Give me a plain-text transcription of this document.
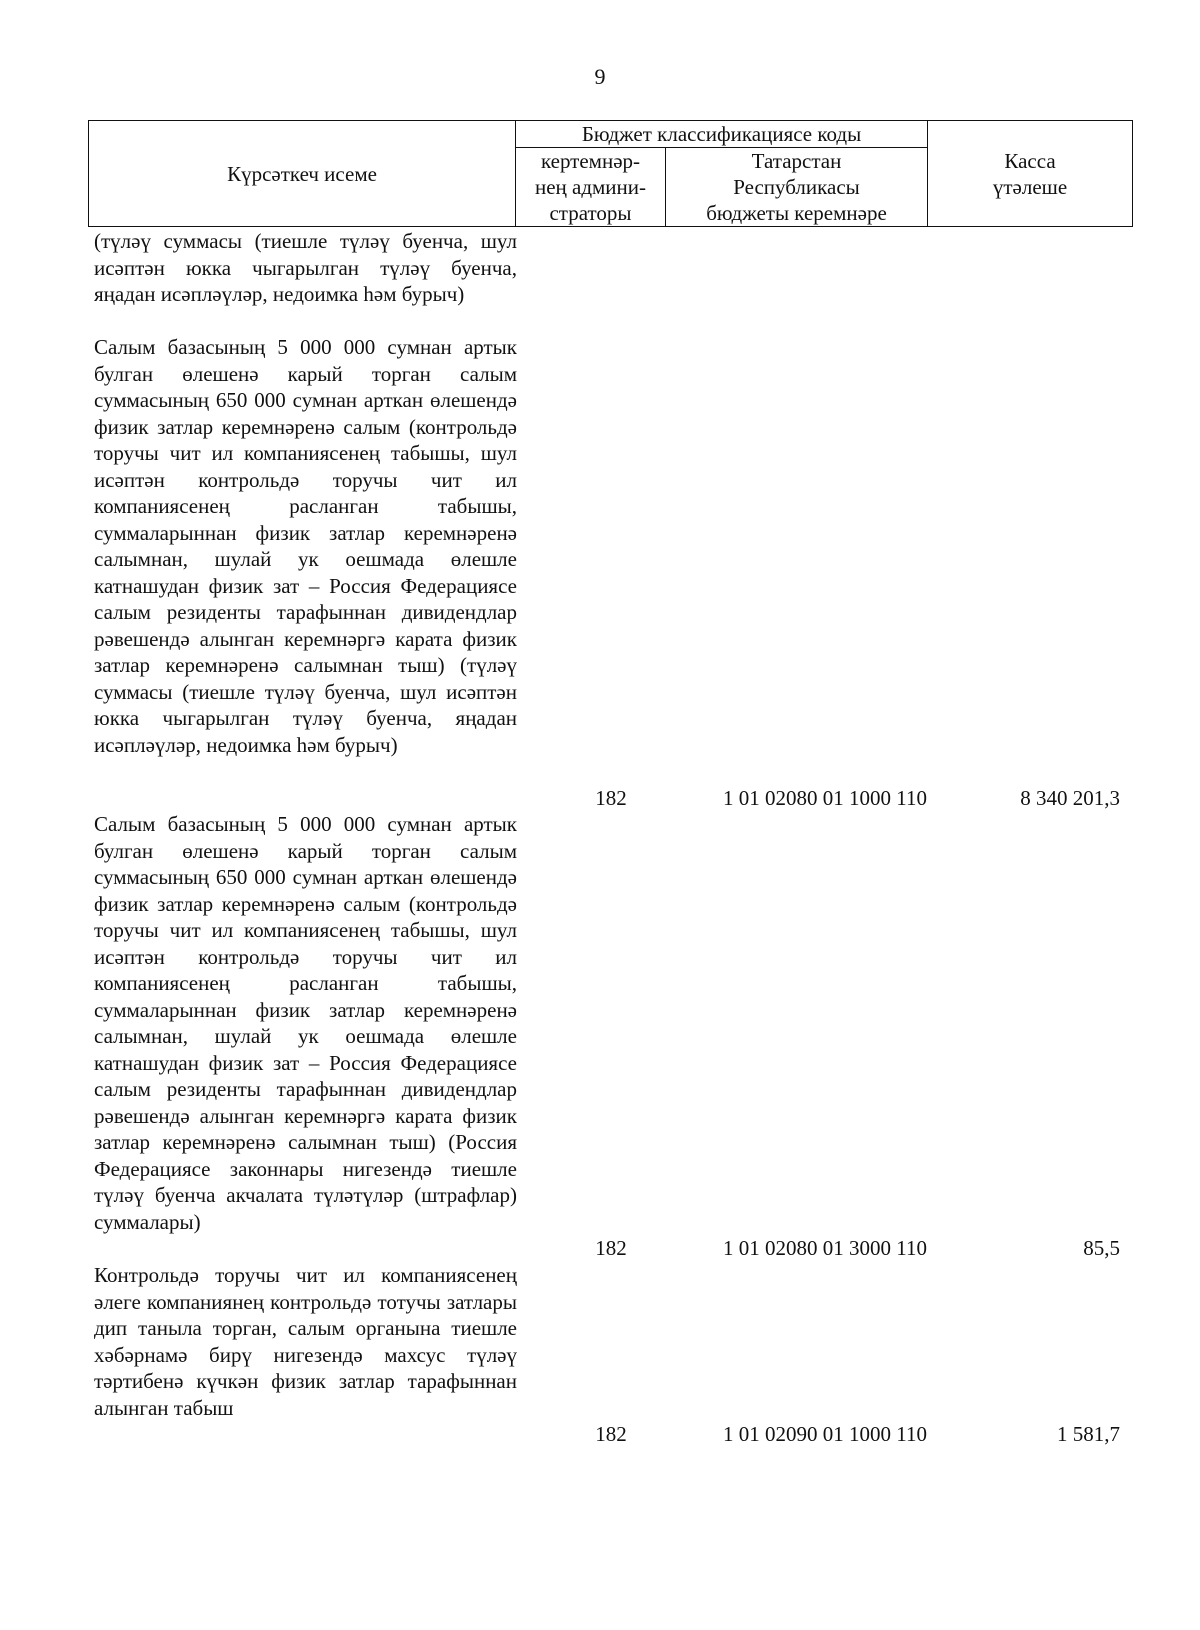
9
Күрсәткеч исеме	Бюджет классификациясе коды		Касса
үтәлеше
	кертемнәр-
нең админи-
страторы	Татарстан
Республикасы
бюджеты керемнәре	
(түләү суммасы (тиешле түләү буенча, шул исәптән юкка чыгарылган түләү буенча, яңадан исәпләүләр, недоимка һәм бурыч)
Салым базасының 5 000 000 сумнан артык булган өлешенә карый торган салым суммасының 650 000 сумнан арткан өлешендә физик затлар керемнәренә салым (контрольдә торучы чит ил компаниясенең табышы, шул исәптән контрольдә торучы чит ил компаниясенең расланган табышы, суммаларыннан физик затлар керемнәренә салымнан, шулай ук оешмада өлешле катнашудан физик зат – Россия Федерациясе салым резиденты тарафыннан дивидендлар рәвешендә алынган керемнәргә карата физик затлар керемнәренә салымнан тыш) (түләү суммасы (тиешле түләү буенча, шул исәптән юкка чыгарылган түләү буенча, яңадан исәпләүләр, недоимка һәм бурыч)
182	1 01 02080 01 1000 110	8 340 201,3
Салым базасының 5 000 000 сумнан артык булган өлешенә карый торган салым суммасының 650 000 сумнан арткан өлешендә физик затлар керемнәренә салым (контрольдә торучы чит ил компаниясенең табышы, шул исәптән контрольдә торучы чит ил компаниясенең расланган табышы, суммаларыннан физик затлар керемнәренә салымнан, шулай ук оешмада өлешле катнашудан физик зат – Россия Федерациясе салым резиденты тарафыннан дивидендлар рәвешендә алынган керемнәргә карата физик затлар керемнәренә салымнан тыш) (Россия Федерациясе законнары нигезендә тиешле түләү буенча акчалата түләтүләр (штрафлар) суммалары)
182	1 01 02080 01 3000 110	85,5
Контрольдә торучы чит ил компаниясенең әлеге компаниянең контрольдә тотучы затлары дип таныла торган, салым органына тиешле хәбәрнамә бирү нигезендә махсус түләү тәртибенә күчкән физик затлар тарафыннан алынган табыш
182	1 01 02090 01 1000 110	1 581,7
